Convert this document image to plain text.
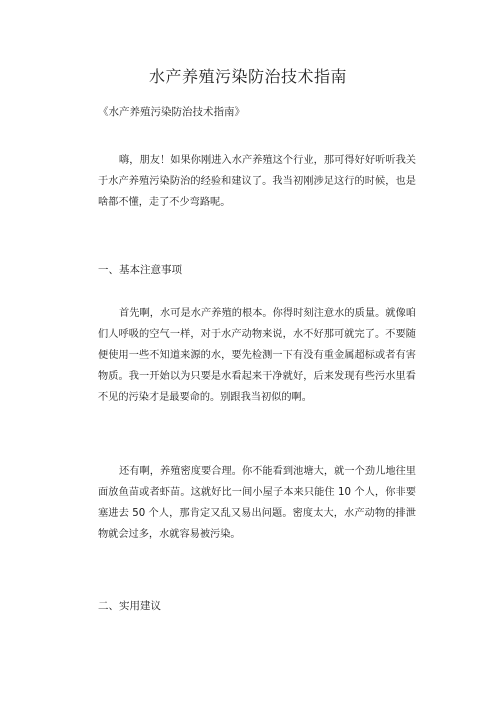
水产养殖污染防治技术指南
《水产养殖污染防治技术指南》

嗨，朋友！如果你刚进入水产养殖这个行业，那可得好好听听我关于水产养殖污染防治的经验和建议了。我当初刚涉足这行的时候，也是啥都不懂，走了不少弯路呢。

一、基本注意事项

首先啊，水可是水产养殖的根本。你得时刻注意水的质量。就像咱们人呼吸的空气一样，对于水产动物来说，水不好那可就完了。不要随便使用一些不知道来源的水，要先检测一下有没有重金属超标或者有害物质。我一开始以为只要是水看起来干净就好，后来发现有些污水里看不见的污染才是最要命的。别跟我当初似的啊。

还有啊，养殖密度要合理。你不能看到池塘大，就一个劲儿地往里面放鱼苗或者虾苗。这就好比一间小屋子本来只能住 10 个人，你非要塞进去 50 个人，那肯定又乱又易出问题。密度太大，水产动物的排泄物就会过多，水就容易被污染。

二、实用建议
